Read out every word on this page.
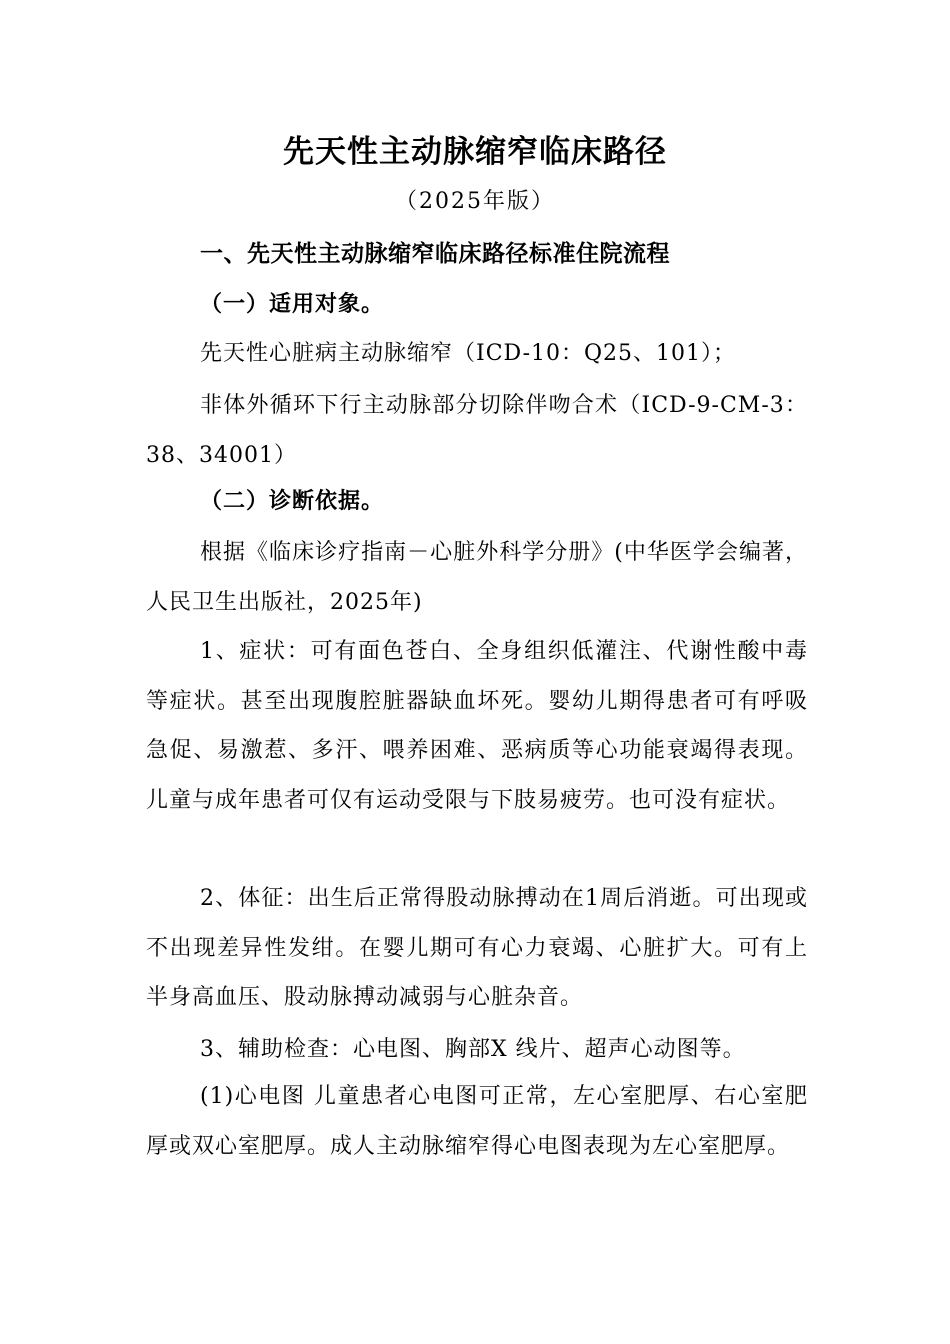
先天性主动脉缩窄临床路径
（2025年版）
一、先天性主动脉缩窄临床路径标准住院流程
（一）适用对象。
先天性心脏病主动脉缩窄（ICD-10：Q25、101）；
非体外循环下行主动脉部分切除伴吻合术（ICD-9-CM-3：38、34001）
（二）诊断依据。
根据《临床诊疗指南－心脏外科学分册》(中华医学会编著，人民卫生出版社，2025年)
1、症状：可有面色苍白、全身组织低灌注、代谢性酸中毒等症状。甚至出现腹腔脏器缺血坏死。婴幼儿期得患者可有呼吸急促、易激惹、多汗、喂养困难、恶病质等心功能衰竭得表现。儿童与成年患者可仅有运动受限与下肢易疲劳。也可没有症状。
2、体征：出生后正常得股动脉搏动在1周后消逝。可出现或不出现差异性发绀。在婴儿期可有心力衰竭、心脏扩大。可有上半身高血压、股动脉搏动减弱与心脏杂音。
3、辅助检查：心电图、胸部X 线片、超声心动图等。
(1)心电图 儿童患者心电图可正常，左心室肥厚、右心室肥厚或双心室肥厚。成人主动脉缩窄得心电图表现为左心室肥厚。
